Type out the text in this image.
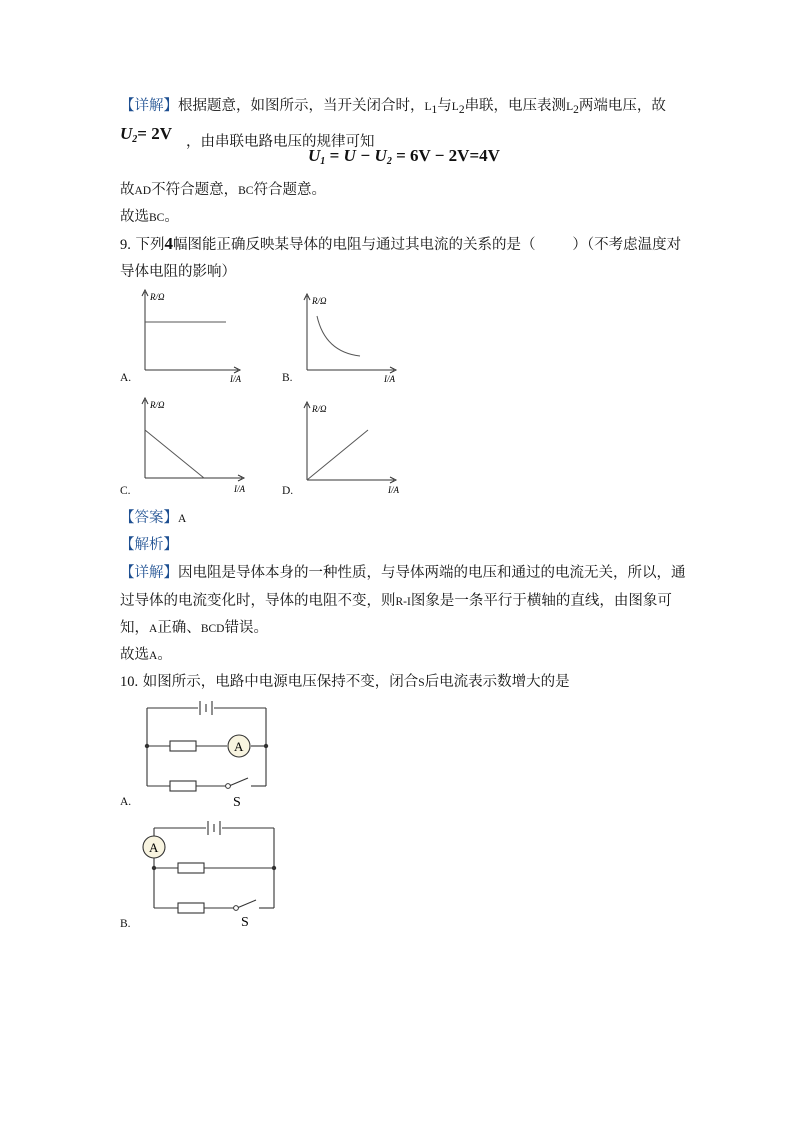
【详解】根据题意，如图所示，当开关闭合时，$L_1$与$L_2$串联，电压表测$L_2$两端电压，故
$U_2= 2V$ ，由串联电路电压的规律可知
$U_1 = U - U_2 = 6V - 2V=4V$
故AD不符合题意，BC符合题意。
故选BC。
9. 下列4幅图能正确反映某导体的电阻与通过其电流的关系的是（	）（不考虑温度对
导体电阻的影响）
R/Ω
I/A
A.
R/Ω
I/A
B.
R/Ω
I/A
C.
R/Ω
I/A
D.
【答案】A
【解析】
【详解】因电阻是导体本身的一种性质，与导体两端的电压和通过的电流无关，所以，通
过导体的电流变化时，导体的电阻不变，则R-I图象是一条平行于横轴的直线，由图象可
知，A正确、BCD错误。
故选A。
10. 如图所示，电路中电源电压保持不变，闭合S后电流表示数增大的是
A
S
A.
A
S
B.
